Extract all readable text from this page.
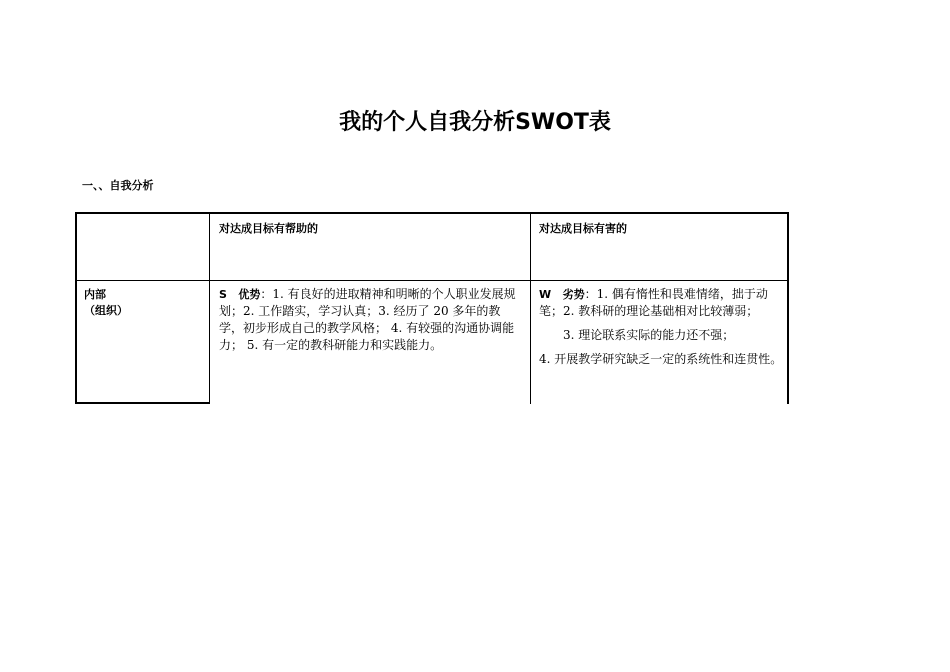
我的个人自我分析SWOT表
一、、自我分析
对达成目标有帮助的	对达成目标有害的
内部
（组织）
S 优势：1. 有良好的进取精神和明晰的个人职业发展规划；2. 工作踏实，学习认真；3. 经历了 20 多年的教学，初步形成自己的教学风格； 4. 有较强的沟通协调能力； 5. 有一定的教科研能力和实践能力。

W 劣势：1. 偶有惰性和畏难情绪，拙于动笔；2. 教科研的理论基础相对比较薄弱；

3. 理论联系实际的能力还不强；

4. 开展教学研究缺乏一定的系统性和连贯性。
